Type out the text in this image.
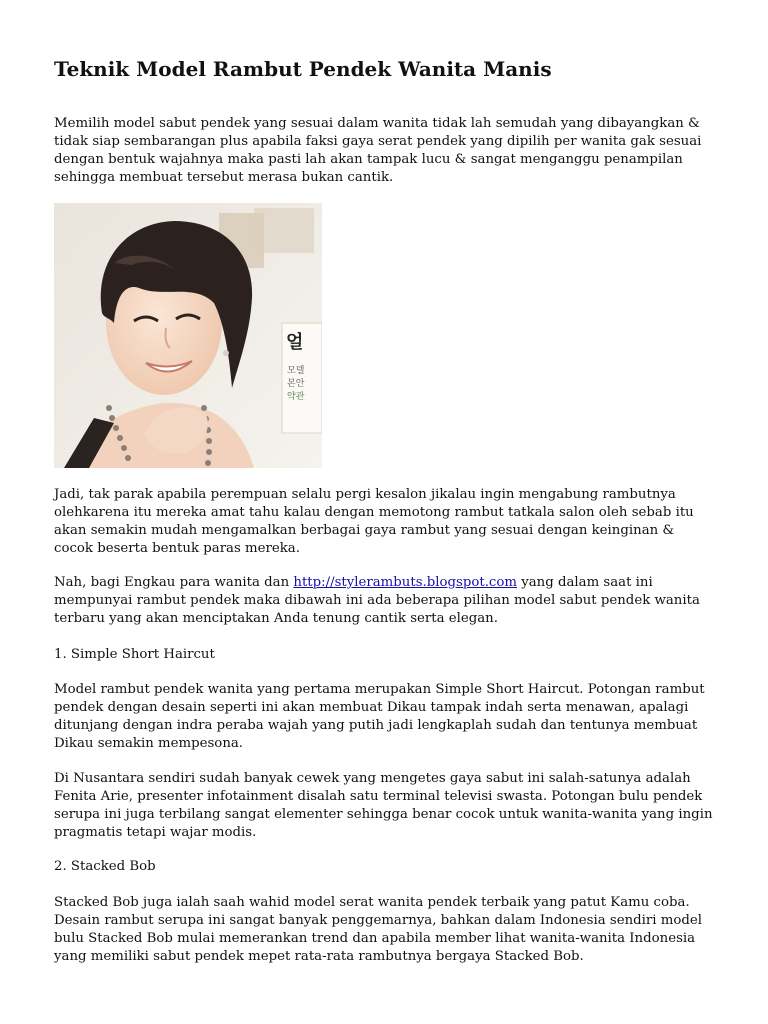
Teknik Model Rambut Pendek Wanita Manis

Memilih model sabut pendek yang sesuai dalam wanita tidak lah semudah yang dibayangkan & tidak siap sembarangan plus apabila faksi gaya serat pendek yang dipilih per wanita gak sesuai dengan bentuk wajahnya maka pasti lah akan tampak lucu & sangat menganggu penampilan sehingga membuat tersebut merasa bukan cantik.

얼
모델
본안
약관

Jadi, tak parak apabila perempuan selalu pergi kesalon jikalau ingin mengabung rambutnya olehkarena itu mereka amat tahu kalau dengan memotong rambut tatkala salon oleh sebab itu akan semakin mudah mengamalkan berbagai gaya rambut yang sesuai dengan keinginan & cocok beserta bentuk paras mereka.

Nah, bagi Engkau para wanita dan http://stylerambuts.blogspot.com yang dalam saat ini mempunyai rambut pendek maka dibawah ini ada beberapa pilihan model sabut pendek wanita terbaru yang akan menciptakan Anda tenung cantik serta elegan.

1. Simple Short Haircut

Model rambut pendek wanita yang pertama merupakan Simple Short Haircut. Potongan rambut pendek dengan desain seperti ini akan membuat Dikau tampak indah serta menawan, apalagi ditunjang dengan indra peraba wajah yang putih jadi lengkaplah sudah dan tentunya membuat Dikau semakin mempesona.

Di Nusantara sendiri sudah banyak cewek yang mengetes gaya sabut ini salah-satunya adalah Fenita Arie, presenter infotainment disalah satu terminal televisi swasta. Potongan bulu pendek serupa ini juga terbilang sangat elementer sehingga benar cocok untuk wanita-wanita yang ingin pragmatis tetapi wajar modis.

2. Stacked Bob

Stacked Bob juga ialah saah wahid model serat wanita pendek terbaik yang patut Kamu coba. Desain rambut serupa ini sangat banyak penggemarnya, bahkan dalam Indonesia sendiri model bulu Stacked Bob mulai memerankan trend dan apabila member lihat wanita-wanita Indonesia yang memiliki sabut pendek mepet rata-rata rambutnya bergaya Stacked Bob.
